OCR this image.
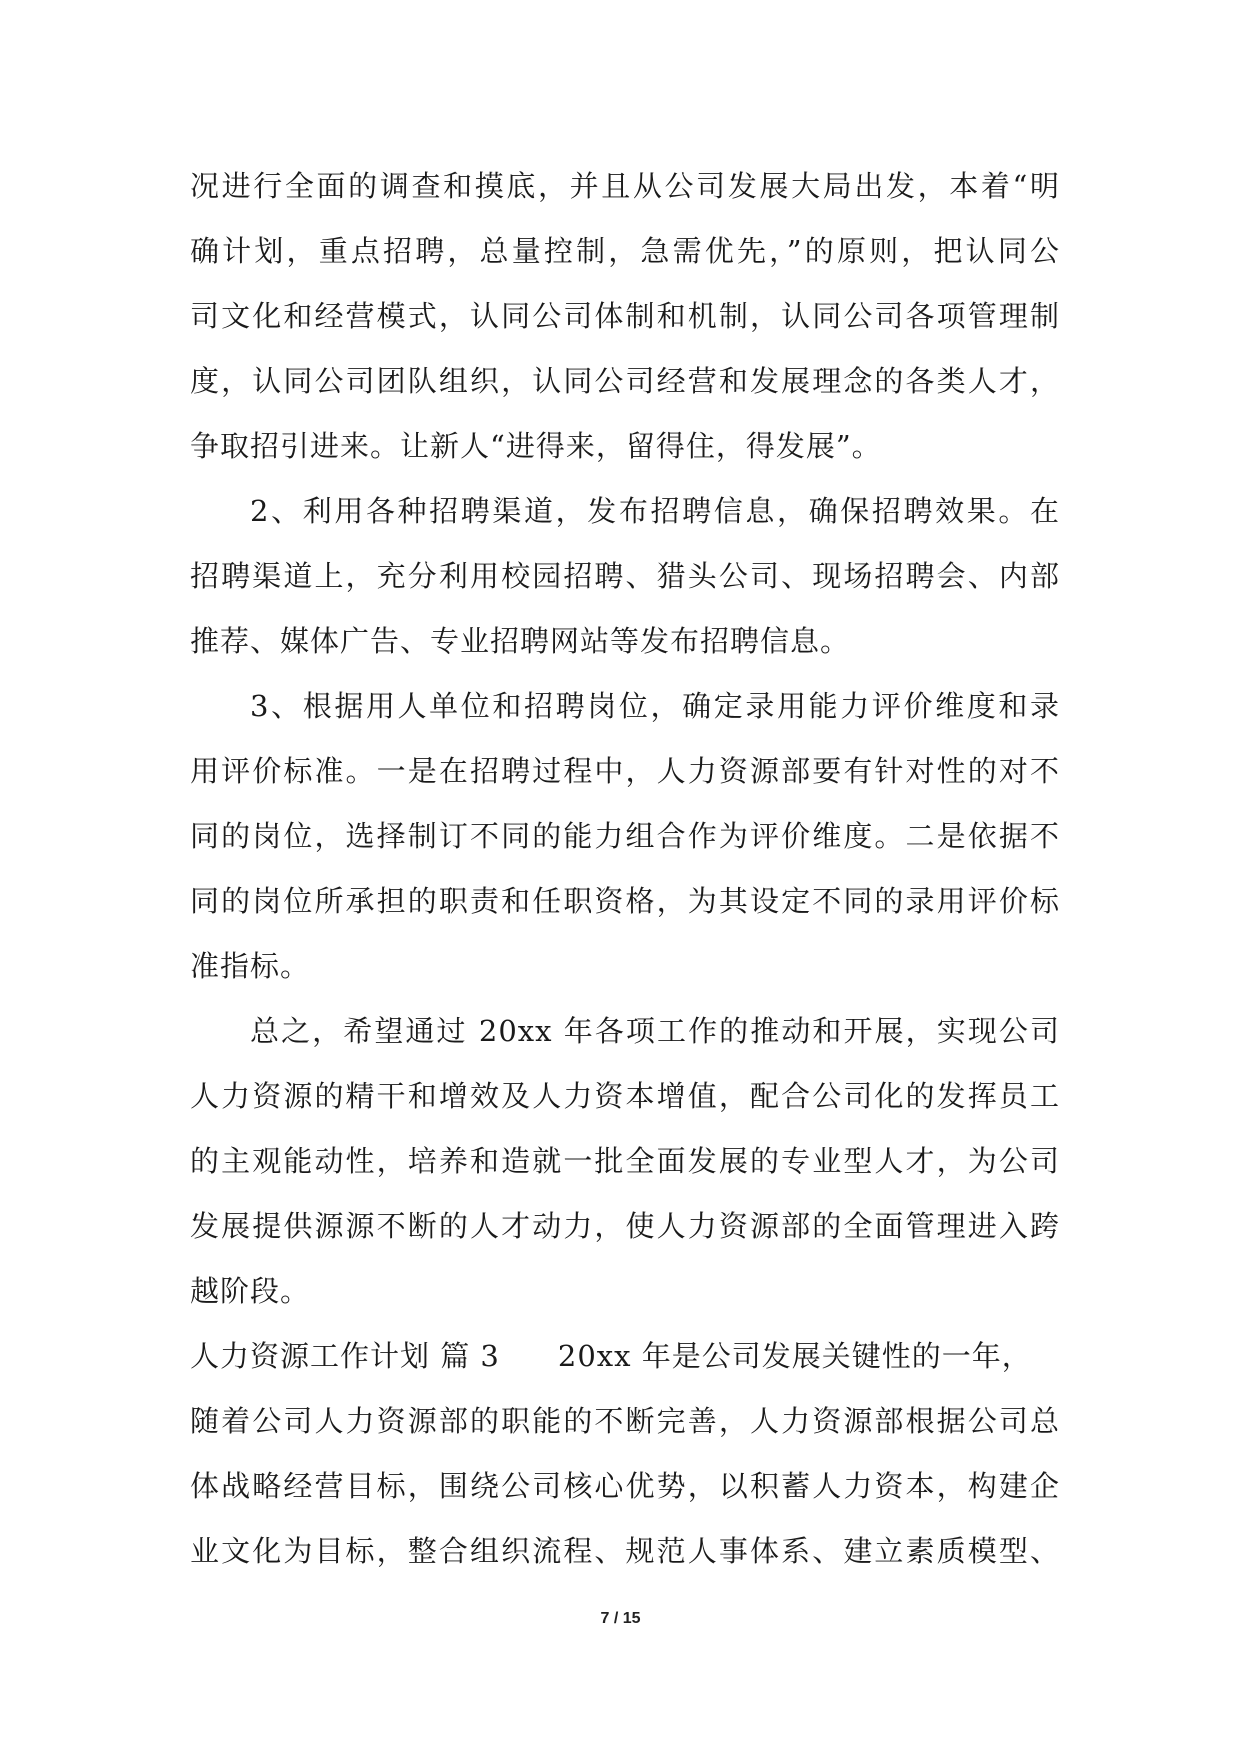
况进行全面的调查和摸底，并且从公司发展大局出发，本着“明
确计划，重点招聘，总量控制，急需优先，”的原则，把认同公
司文化和经营模式，认同公司体制和机制，认同公司各项管理制
度，认同公司团队组织，认同公司经营和发展理念的各类人才，
争取招引进来。让新人“进得来，留得住，得发展”。
2、利用各种招聘渠道，发布招聘信息，确保招聘效果。在
招聘渠道上，充分利用校园招聘、猎头公司、现场招聘会、内部
推荐、媒体广告、专业招聘网站等发布招聘信息。
3、根据用人单位和招聘岗位，确定录用能力评价维度和录
用评价标准。一是在招聘过程中，人力资源部要有针对性的对不
同的岗位，选择制订不同的能力组合作为评价维度。二是依据不
同的岗位所承担的职责和任职资格，为其设定不同的录用评价标
准指标。
总之，希望通过 20xx 年各项工作的推动和开展，实现公司
人力资源的精干和增效及人力资本增值，配合公司化的发挥员工
的主观能动性，培养和造就一批全面发展的专业型人才，为公司
发展提供源源不断的人才动力，使人力资源部的全面管理进入跨
越阶段。
人力资源工作计划 篇 3 20xx 年是公司发展关键性的一年，
随着公司人力资源部的职能的不断完善，人力资源部根据公司总
体战略经营目标，围绕公司核心优势，以积蓄人力资本，构建企
业文化为目标，整合组织流程、规范人事体系、建立素质模型、
7 / 15
